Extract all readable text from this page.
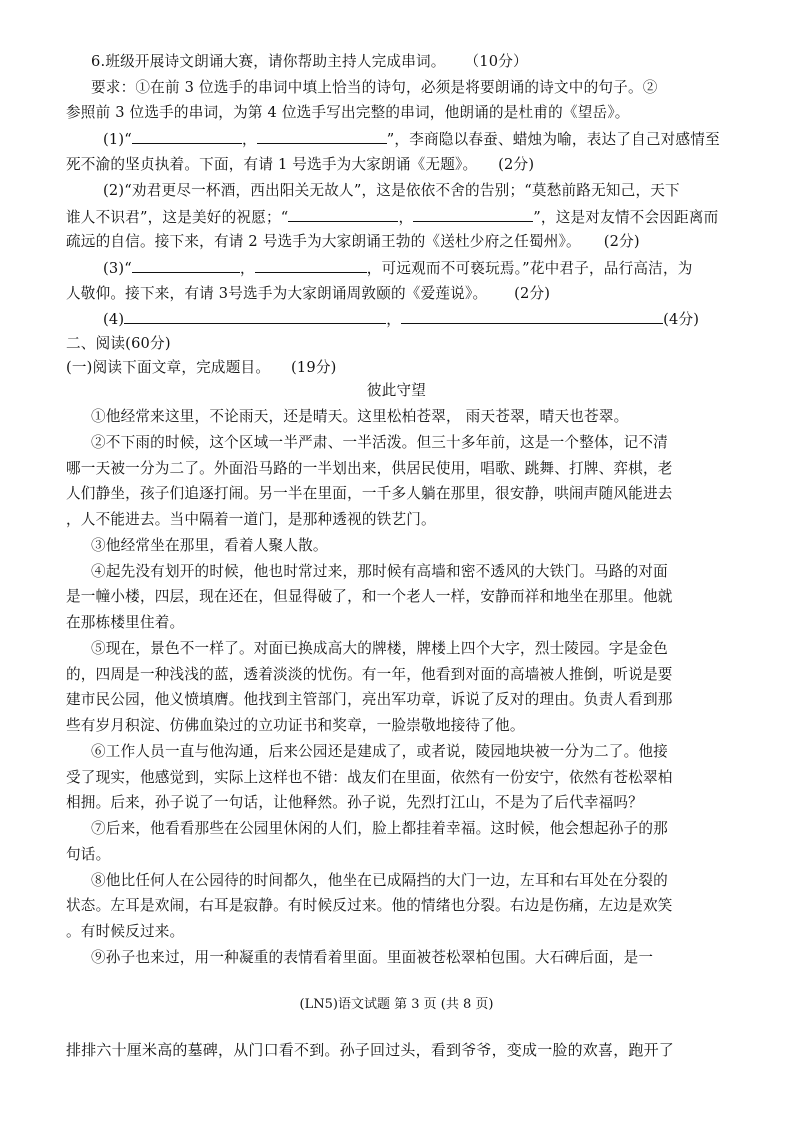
6.班级开展诗文朗诵大赛，请你帮助主持人完成串词。 （10分）
要求：①在前 3 位选手的串词中填上恰当的诗句，必须是将要朗诵的诗文中的句子。②
参照前 3 位选手的串词，为第 4 位选手写出完整的串词，他朗诵的是杜甫的《望岳》。
(1)“	，	”，李商隐以春蚕、蜡烛为喻，表达了自己对感情至
死不渝的坚贞执着。下面，有请 1 号选手为大家朗诵《无题》。 (2分)
(2)“劝君更尽一杯酒，西出阳关无故人”，这是依依不舍的告别；“莫愁前路无知己，天下
谁人不识君”，这是美好的祝愿；“	，	”，这是对友情不会因距离而
疏远的自信。接下来，有请 2 号选手为大家朗诵王勃的《送杜少府之任蜀州》。 (2分)
(3)“	，	，可远观而不可亵玩焉。”花中君子，品行高洁，为
人敬仰。接下来，有请 3号选手为大家朗诵周敦颐的《爱莲说》。 (2分)
(4)	，	(4分)
二、阅读(60分)
(一)阅读下面文章，完成题目。 (19分)
彼此守望
①他经常来这里，不论雨天，还是晴天。这里松柏苍翠， 雨天苍翠，晴天也苍翠。
②不下雨的时候，这个区域一半严肃、一半活泼。但三十多年前，这是一个整体，记不清
哪一天被一分为二了。外面沿马路的一半划出来，供居民使用，唱歌、跳舞、打牌、弈棋，老
人们静坐，孩子们追逐打闹。另一半在里面，一千多人躺在那里，很安静，哄闹声随风能进去
，人不能进去。当中隔着一道门，是那种透视的铁艺门。
③他经常坐在那里，看着人聚人散。
④起先没有划开的时候，他也时常过来，那时候有高墙和密不透风的大铁门。马路的对面
是一幢小楼，四层，现在还在，但显得破了，和一个老人一样，安静而祥和地坐在那里。他就
在那栋楼里住着。
⑤现在，景色不一样了。对面已换成高大的牌楼，牌楼上四个大字，烈士陵园。字是金色
的，四周是一种浅浅的蓝，透着淡淡的忧伤。有一年，他看到对面的高墙被人推倒，听说是要
建市民公园，他义愤填膺。他找到主管部门，亮出军功章，诉说了反对的理由。负责人看到那
些有岁月积淀、仿佛血染过的立功证书和奖章，一脸崇敬地接待了他。
⑥工作人员一直与他沟通，后来公园还是建成了，或者说，陵园地块被一分为二了。他接
受了现实，他感觉到，实际上这样也不错：战友们在里面，依然有一份安宁，依然有苍松翠柏
相拥。后来，孙子说了一句话，让他释然。孙子说，先烈打江山，不是为了后代幸福吗？
⑦后来，他看看那些在公园里休闲的人们，脸上都挂着幸福。这时候，他会想起孙子的那
句话。
⑧他比任何人在公园待的时间都久，他坐在已成隔挡的大门一边，左耳和右耳处在分裂的
状态。左耳是欢闹，右耳是寂静。有时候反过来。他的情绪也分裂。右边是伤痛，左边是欢笑
。有时候反过来。
⑨孙子也来过，用一种凝重的表情看着里面。里面被苍松翠柏包围。大石碑后面，是一
(LN5)语文试题 第 3 页 (共 8 页)
排排六十厘米高的墓碑，从门口看不到。孙子回过头，看到爷爷，变成一脸的欢喜，跑开了
